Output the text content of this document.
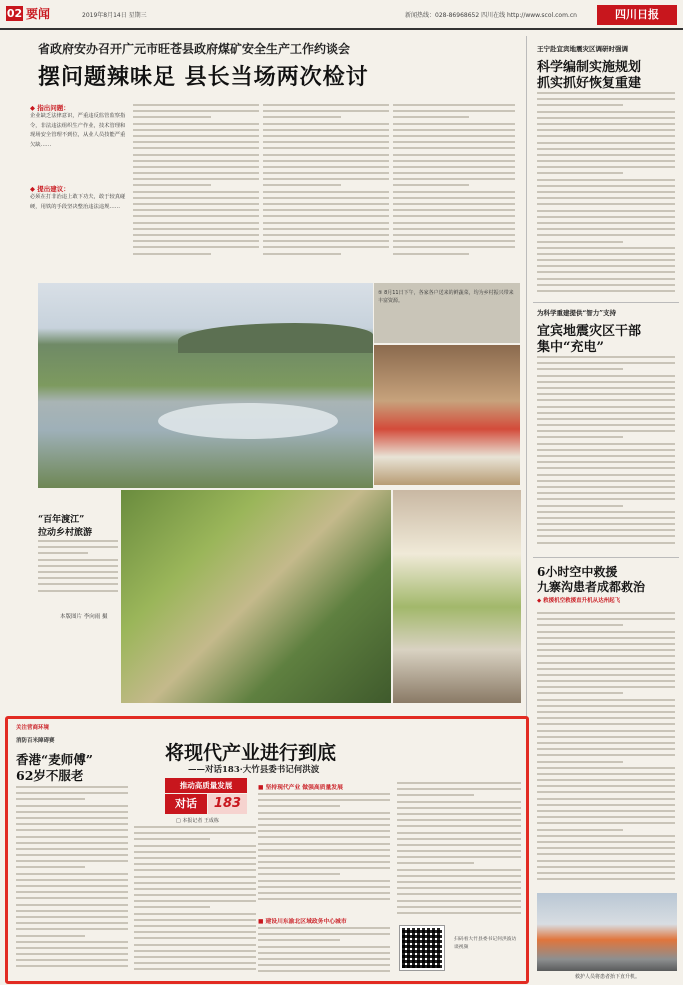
02 要闻	2019年8月14日 星期三	新闻热线：028-86968652 四川在线 http://www.scol.com.cn	四川日报
省政府安办召开广元市旺苍县政府煤矿安全生产工作约谈会
摆问题辣味足 县长当场两次检讨
◆ 指出问题：
企业缺乏法律意识，严重违反监管监察指令，非法违法组织生产作业，技术管理和现场安全管理不到位，从业人员技能严重欠缺……
◆ 提出建议：
必须在打非治违上敢下功夫，敢于较真碰硬，用铁的手段坚决整治违法违规……
王宁赴宜宾地震灾区调研时强调
科学编制实施规划
抓实抓好恢复重建
⑤ 8月11日下午，各家各户送来的鲜蔬菜，均为乡村振兴带来丰富资源。
“百年渡江”
拉动乡村旅游
本版图片 李向雨 摄
为科学重建提供“智力”支持
宜宾地震灾区干部
集中“充电”
6小时空中救援
九寨沟患者成都救治
◆ 救援机空救援直升机从达州起飞
救护人员将患者抬下直升机。
消防百米障碍赛
香港“麦师傅”
62岁不服老
关注营商环境
将现代产业进行到底
——对话183·大竹县委书记何洪波
推动高质量发展
对话	183
□ 本报记者 王成栋
■ 坚持现代产业 做强高质量发展
■ 建设川东渝北区域政务中心城市
扫码看大竹县委书记何洪波访谈视频
